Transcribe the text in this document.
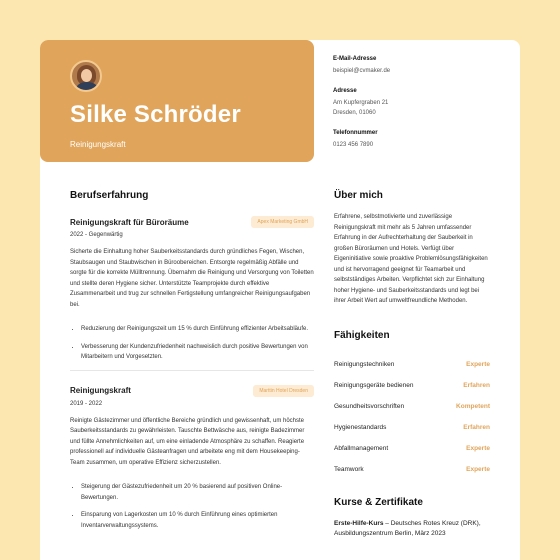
Silke Schröder
Reinigungskraft
E-Mail-Adresse
beispiel@cvmaker.de
Adresse
Am Kupfergraben 21
Dresden, 01060
Telefonnummer
0123 456 7890
Berufserfahrung
Reinigungskraft für Büroräume	Apex Marketing GmbH
2022 - Gegenwärtig
Sicherte die Einhaltung hoher Sauberkeitsstandards durch gründliches Fegen, Wischen, Staubsaugen und Staubwischen in Büroobereichen. Entsorgte regelmäßig Abfälle und sorgte für die korrekte Mülltrennung. Übernahm die Reinigung und Versorgung von Toiletten und stellte deren Hygiene sicher. Unterstützte Teamprojekte durch effektive Zusammenarbeit und trug zur schnellen Fertigstellung umfangreicher Reinigungsaufgaben bei.
• Reduzierung der Reinigungszeit um 15 % durch Einführung effizienter Arbeitsabläufe.
• Verbesserung der Kundenzufriedenheit nachweislich durch positive Bewertungen von Mitarbeitern und Vorgesetzten.
Reinigungskraft	Marttin Hotel Dresden
2019 - 2022
Reinigte Gästezimmer und öffentliche Bereiche gründlich und gewissenhaft, um höchste Sauberkeitsstandards zu gewährleisten. Tauschte Bettwäsche aus, reinigte Badezimmer und füllte Annehmlichkeiten auf, um eine einladende Atmosphäre zu schaffen. Reagierte professionell auf individuelle Gästeanfragen und arbeitete eng mit dem Housekeeping-Team zusammen, um operative Effizienz sicherzustellen.
• Steigerung der Gästezufriedenheit um 20 % basierend auf positiven Online-Bewertungen.
• Einsparung von Lagerkosten um 10 % durch Einführung eines optimierten Inventarverwaltungssystems.
Über mich
Erfahrene, selbstmotivierte und zuverlässige Reinigungskraft mit mehr als 5 Jahren umfassender Erfahrung in der Aufrechterhaltung der Sauberkeit in großen Büroräumen und Hotels. Verfügt über Eigeninitiative sowie proaktive Problemlösungsfähigkeiten und ist hervorragend geeignet für Teamarbeit und selbstständiges Arbeiten. Verpflichtet sich zur Einhaltung hoher Hygiene- und Sauberkeitsstandards und legt bei ihrer Arbeit Wert auf umweltfreundliche Methoden.
Fähigkeiten
Reinigungstechniken	Experte
Reinigungsgeräte bedienen	Erfahren
Gesundheitsvorschriften	Kompetent
Hygienestandards	Erfahren
Abfallmanagement	Experte
Teamwork	Experte
Kurse & Zertifikate
Erste-Hilfe-Kurs – Deutsches Rotes Kreuz (DRK), Ausbildungszentrum Berlin, März 2023
